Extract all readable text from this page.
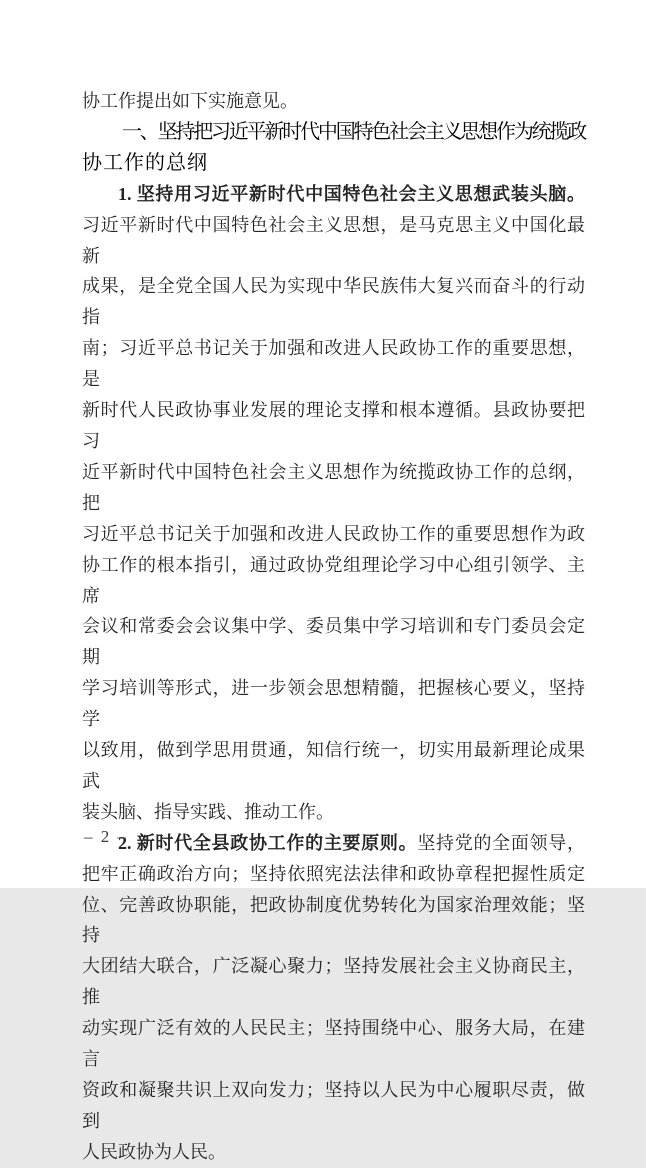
协工作提出如下实施意见。
一、坚持把习近平新时代中国特色社会主义思想作为统揽政
协工作的总纲
1. 坚持用习近平新时代中国特色社会主义思想武装头脑。
习近平新时代中国特色社会主义思想，是马克思主义中国化最新
成果，是全党全国人民为实现中华民族伟大复兴而奋斗的行动指
南；习近平总书记关于加强和改进人民政协工作的重要思想，是
新时代人民政协事业发展的理论支撑和根本遵循。县政协要把习
近平新时代中国特色社会主义思想作为统揽政协工作的总纲，把
习近平总书记关于加强和改进人民政协工作的重要思想作为政
协工作的根本指引，通过政协党组理论学习中心组引领学、主席
会议和常委会会议集中学、委员集中学习培训和专门委员会定期
学习培训等形式，进一步领会思想精髓，把握核心要义，坚持学
以致用，做到学思用贯通，知信行统一，切实用最新理论成果武
装头脑、指导实践、推动工作。
2. 新时代全县政协工作的主要原则。坚持党的全面领导，
把牢正确政治方向；坚持依照宪法法律和政协章程把握性质定
位、完善政协职能，把政协制度优势转化为国家治理效能；坚持
大团结大联合，广泛凝心聚力；坚持发展社会主义协商民主，推
动实现广泛有效的人民民主；坚持围绕中心、服务大局，在建言
资政和凝聚共识上双向发力；坚持以人民为中心履职尽责，做到
人民政协为人民。
– 2 –
